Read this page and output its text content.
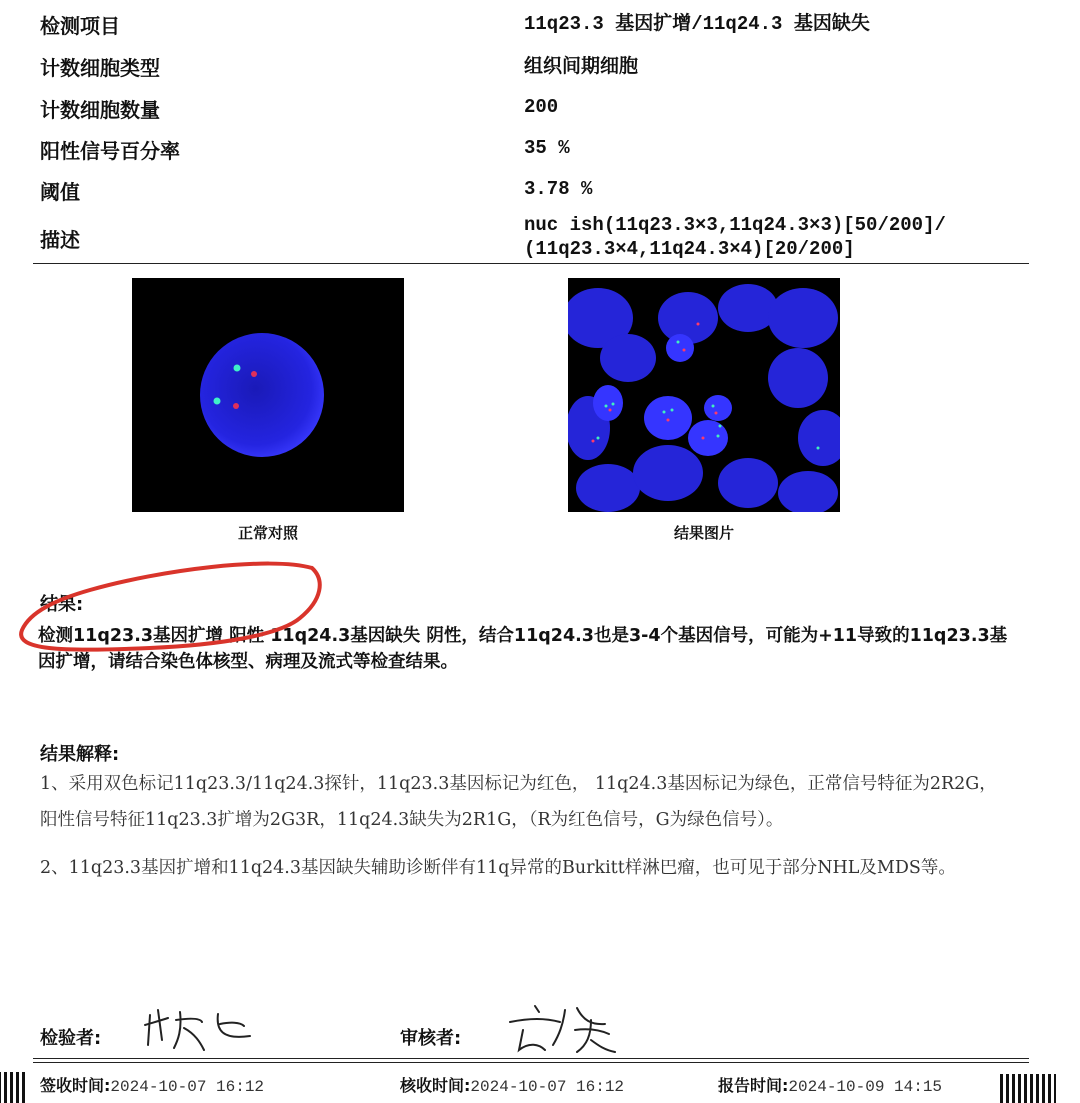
检测项目	11q23.3 基因扩增/11q24.3 基因缺失
计数细胞类型	组织间期细胞
计数细胞数量	200
阳性信号百分率	35 %
阈值	3.78 %
描述
nuc ish(11q23.3×3,11q24.3×3)[50/200]/
(11q23.3×4,11q24.3×4)[20/200]
正常对照	结果图片
结果:
检测11q23.3基因扩增 阳性 11q24.3基因缺失 阴性，结合11q24.3也是3-4个基因信号，可能为+11导致的11q23.3基因扩增，请结合染色体核型、病理及流式等检查结果。
结果解释:

1、采用双色标记11q23.3/11q24.3探针，11q23.3基因标记为红色， 11q24.3基因标记为绿色，正常信号特征为2R2G，阳性信号特征11q23.3扩增为2G3R，11q24.3缺失为2R1G，（R为红色信号，G为绿色信号）。

2、11q23.3基因扩增和11q24.3基因缺失辅助诊断伴有11q异常的Burkitt样淋巴瘤，也可见于部分NHL及MDS等。

检验者:	审核者:
签收时间:2024-10-07 16:12	核收时间:2024-10-07 16:12	报告时间:2024-10-09 14:15
